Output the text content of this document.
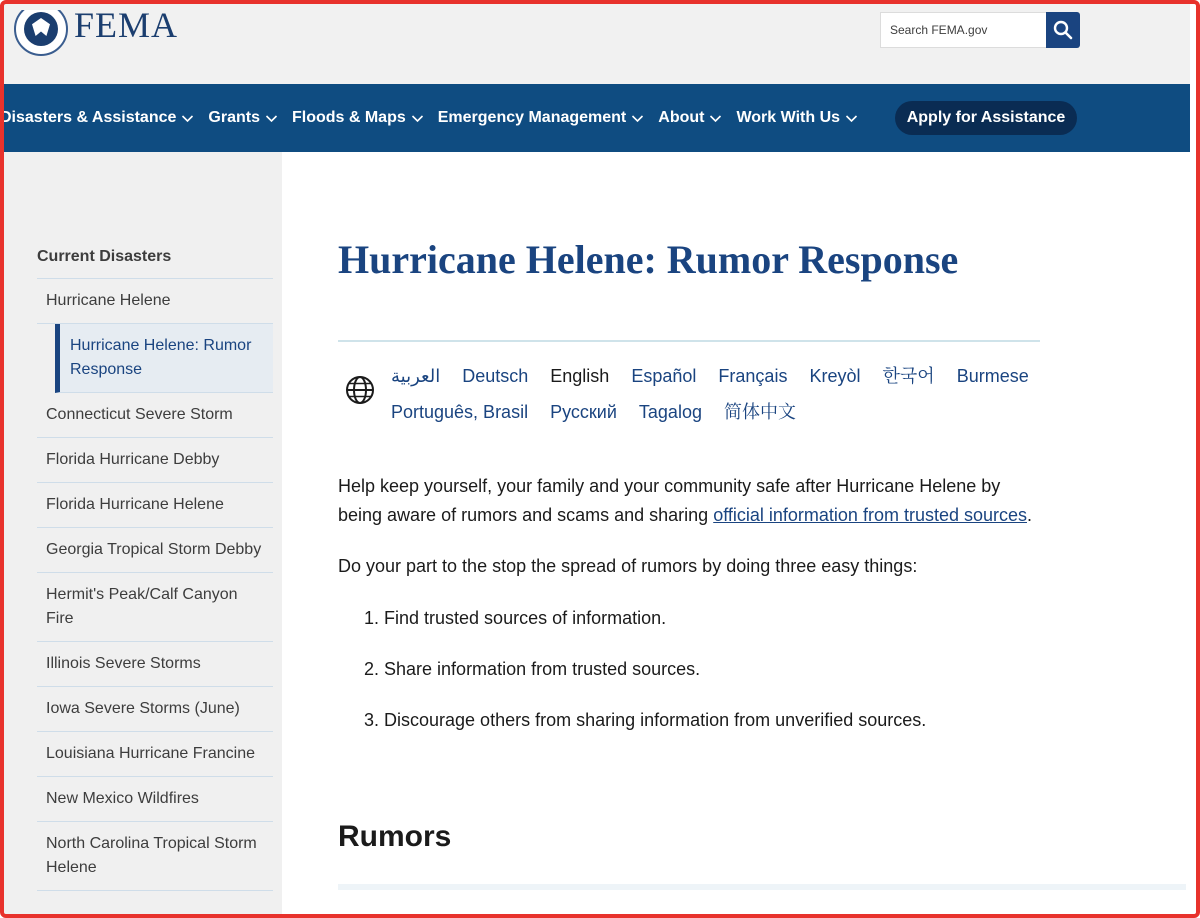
FEMA
Search FEMA.gov
Disasters & Assistance Grants Floods & Maps Emergency Management About Work With Us	Apply for Assistance
Current Disasters
Hurricane Helene
Hurricane Helene: Rumor Response
Connecticut Severe Storm
Florida Hurricane Debby
Florida Hurricane Helene
Georgia Tropical Storm Debby
Hermit's Peak/Calf Canyon Fire
Illinois Severe Storms
Iowa Severe Storms (June)
Louisiana Hurricane Francine
New Mexico Wildfires
North Carolina Tropical Storm Helene
Hurricane Helene: Rumor Response
العربية Deutsch English Español Français Kreyòl 한국어 Burmese
Português, Brasil Русский Tagalog 简体中文

Help keep yourself, your family and your community safe after Hurricane Helene by being aware of rumors and scams and sharing official information from trusted sources.

Do your part to the stop the spread of rumors by doing three easy things:

1. Find trusted sources of information.
2. Share information from trusted sources.
3. Discourage others from sharing information from unverified sources.
Rumors
